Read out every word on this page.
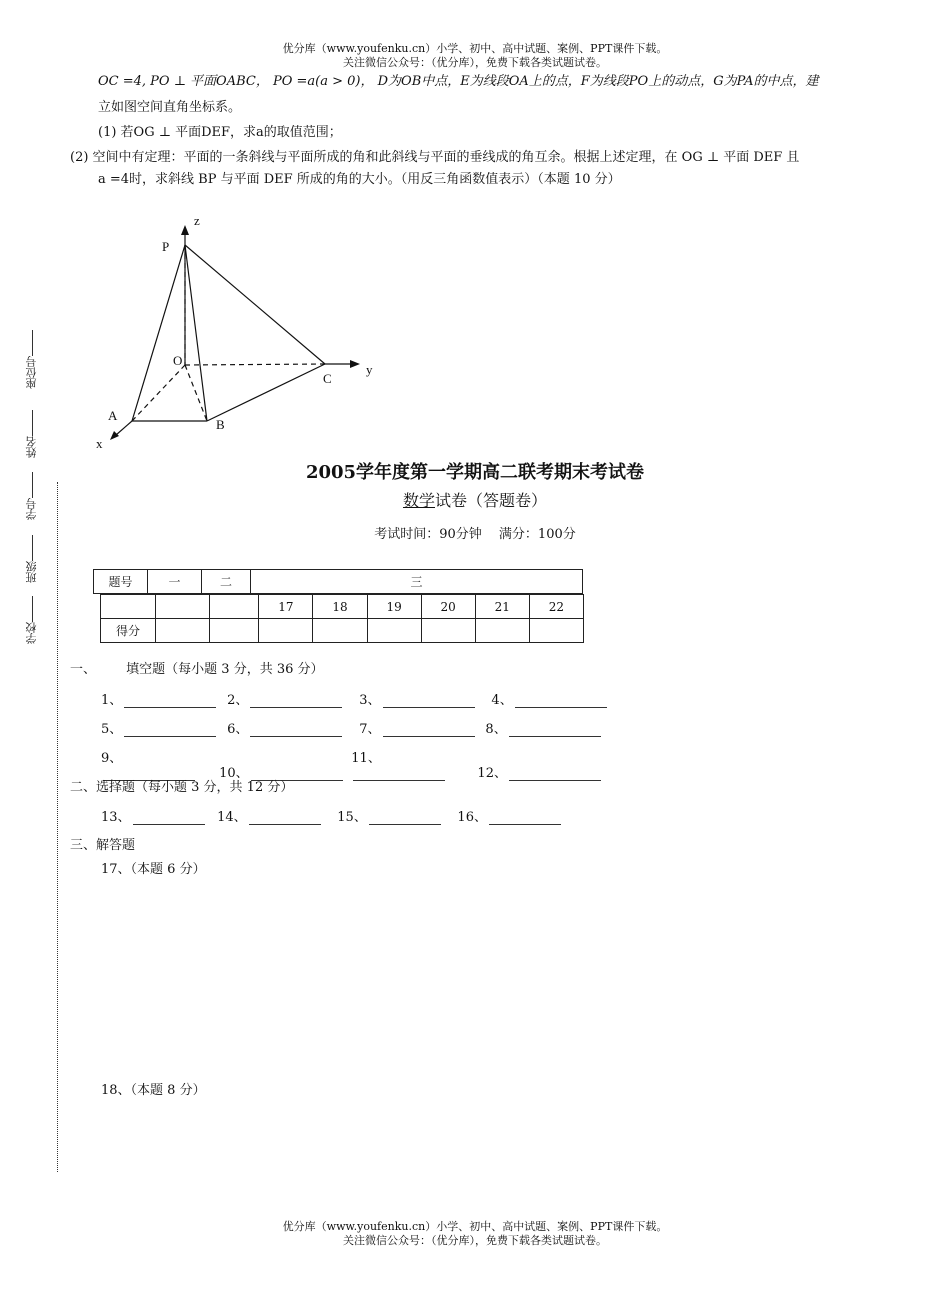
优分库（www.youfenku.cn）小学、初中、高中试题、案例、PPT课件下载。
关注微信公众号：（优分库），免费下载各类试题试卷。
OC =4, PO ⊥ 平面OABC， PO =a(a > 0)， D为OB中点，E为线段OA上的点，F为线段PO上的动点，G为PA的中点，建
立如图空间直角坐标系。
(1) 若OG ⊥ 平面DEF，求a的取值范围；
(2) 空间中有定理：平面的一条斜线与平面所成的角和此斜线与平面的垂线成的角互余。根据上述定理，在 OG ⊥ 平面 DEF 且
a =4时，求斜线 BP 与平面 DEF 所成的角的大小。（用反三角函数值表示）（本题 10 分）
z
y
x
P
O
A
B
C
座位号
姓名
学号
班级
学校
2005学年度第一学期高二联考期末考试卷
数学试卷（答题卷）
考试时间：90分钟　 满分：100分
题号	一	二	三
			17	18	19	20	21	22
得分								
一、 填空题（每小题 3 分，共 36 分）
1、	2、	3、	4、
5、	6、	7、	8、
9、 10、 11、 12、
二、选择题（每小题 3 分，共 12 分）
13、	14、	15、	16、
三、解答题
17、（本题 6 分）
18、（本题 8 分）
优分库（www.youfenku.cn）小学、初中、高中试题、案例、PPT课件下载。
关注微信公众号：（优分库），免费下载各类试题试卷。
